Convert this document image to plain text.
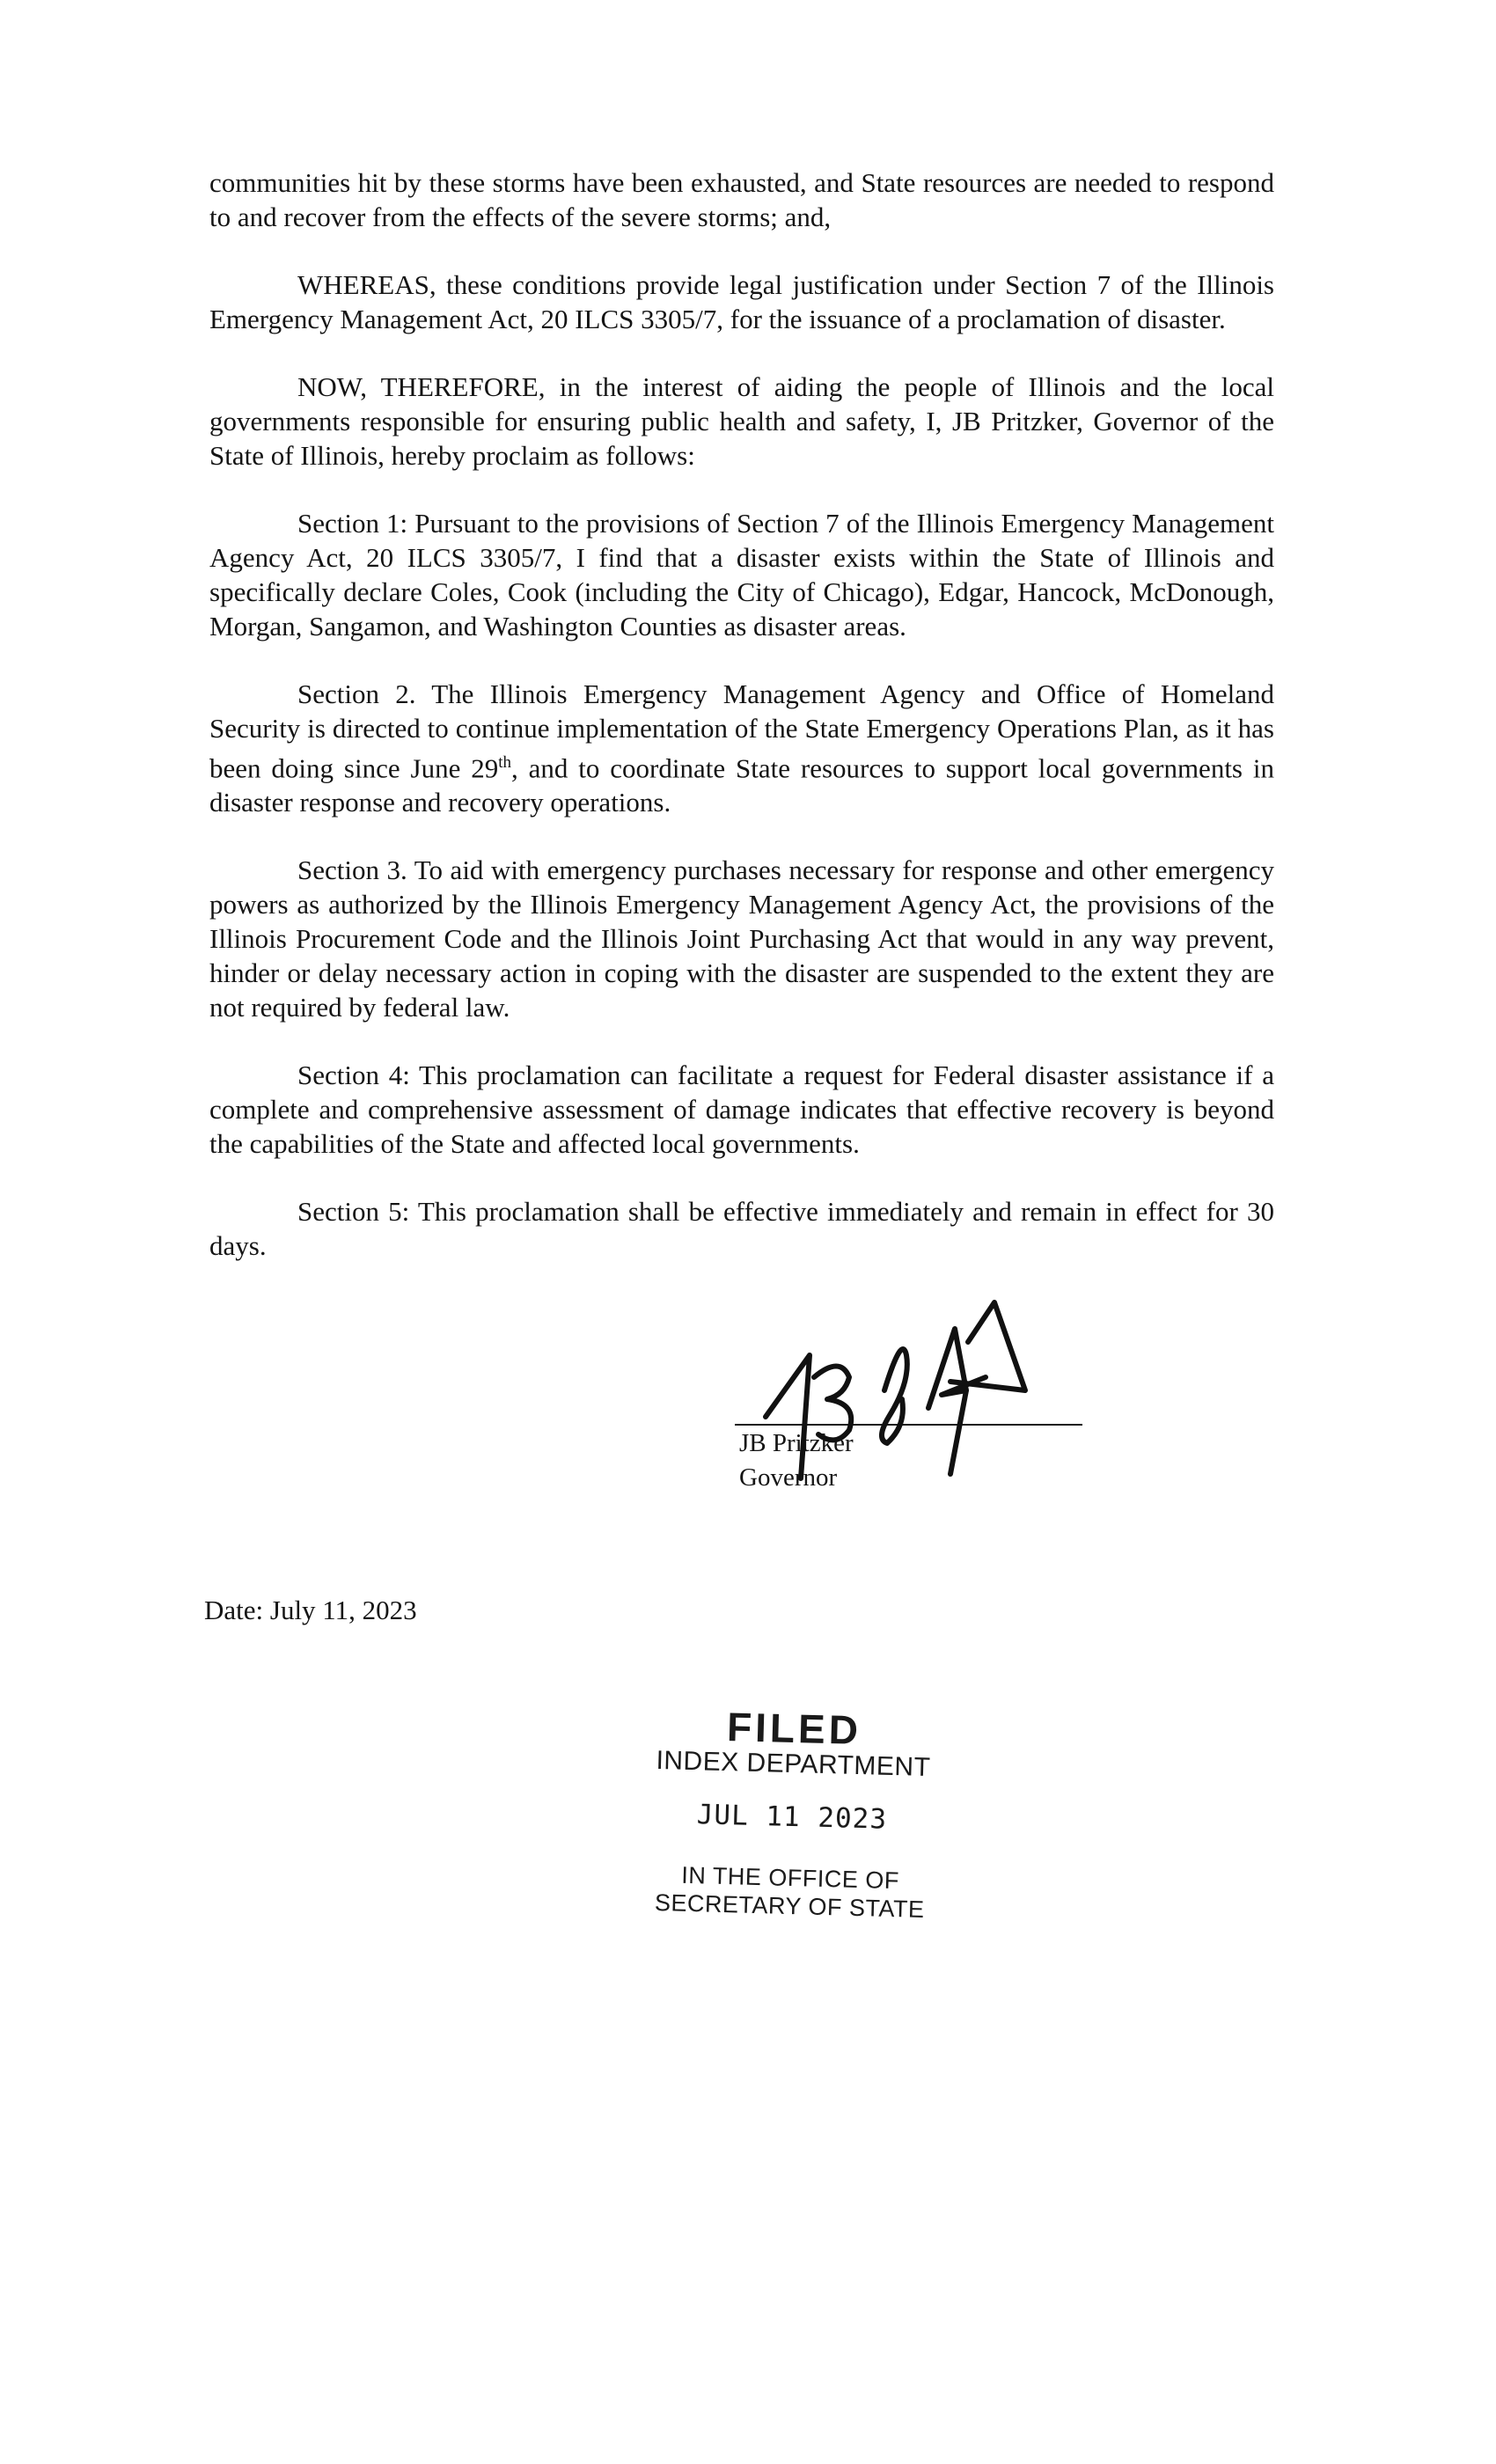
communities hit by these storms have been exhausted, and State resources are needed to respond to and recover from the effects of the severe storms; and,

WHEREAS, these conditions provide legal justification under Section 7 of the Illinois Emergency Management Act, 20 ILCS 3305/7, for the issuance of a proclamation of disaster.

NOW, THEREFORE, in the interest of aiding the people of Illinois and the local governments responsible for ensuring public health and safety, I, JB Pritzker, Governor of the State of Illinois, hereby proclaim as follows:

Section 1: Pursuant to the provisions of Section 7 of the Illinois Emergency Management Agency Act, 20 ILCS 3305/7, I find that a disaster exists within the State of Illinois and specifically declare Coles, Cook (including the City of Chicago), Edgar, Hancock, McDonough, Morgan, Sangamon, and Washington Counties as disaster areas.

Section 2. The Illinois Emergency Management Agency and Office of Homeland Security is directed to continue implementation of the State Emergency Operations Plan, as it has been doing since June 29th, and to coordinate State resources to support local governments in disaster response and recovery operations.

Section 3. To aid with emergency purchases necessary for response and other emergency powers as authorized by the Illinois Emergency Management Agency Act, the provisions of the Illinois Procurement Code and the Illinois Joint Purchasing Act that would in any way prevent, hinder or delay necessary action in coping with the disaster are suspended to the extent they are not required by federal law.

Section 4: This proclamation can facilitate a request for Federal disaster assistance if a complete and comprehensive assessment of damage indicates that effective recovery is beyond the capabilities of the State and affected local governments.

Section 5: This proclamation shall be effective immediately and remain in effect for 30 days.

JB Pritzker
Governor
Date: July 11, 2023
FILED
INDEX DEPARTMENT
JUL 11 2023
IN THE OFFICE OF
SECRETARY OF STATE
